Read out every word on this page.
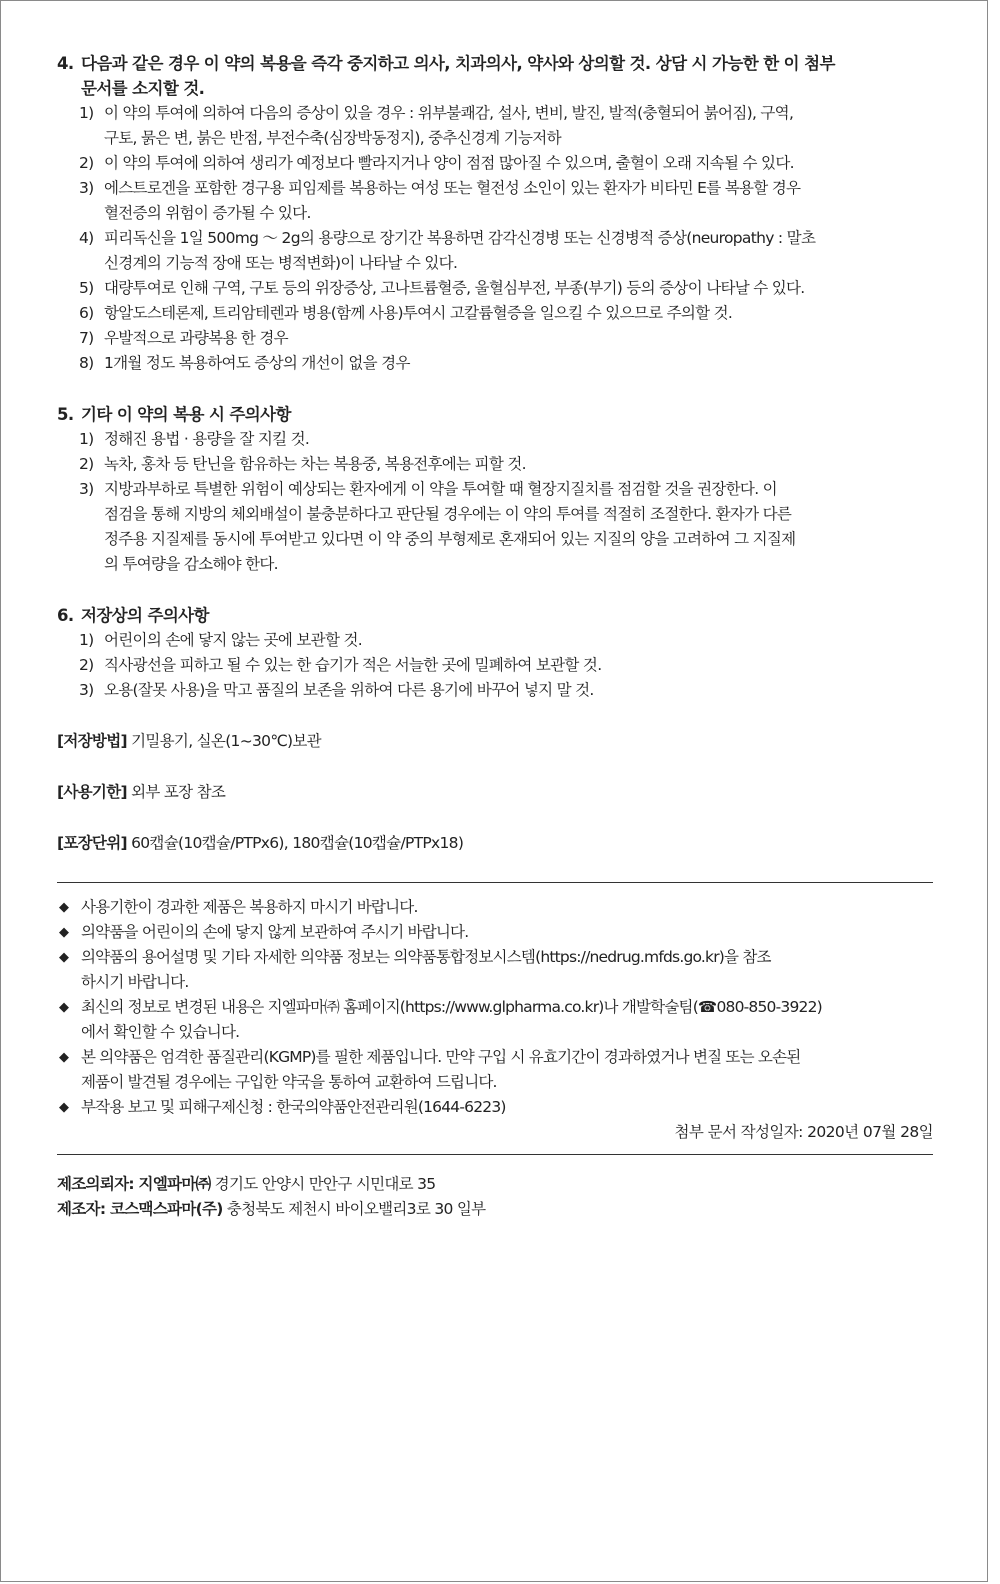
4. 다음과 같은 경우 이 약의 복용을 즉각 중지하고 의사, 치과의사, 약사와 상의할 것. 상담 시 가능한 한 이 첨부
문서를 소지할 것.
1) 이 약의 투여에 의하여 다음의 증상이 있을 경우 : 위부불쾌감, 설사, 변비, 발진, 발적(충혈되어 붉어짐), 구역,
구토, 묽은 변, 붉은 반점, 부전수축(심장박동정지), 중추신경계 기능저하
2) 이 약의 투여에 의하여 생리가 예정보다 빨라지거나 양이 점점 많아질 수 있으며, 출혈이 오래 지속될 수 있다.
3) 에스트로겐을 포함한 경구용 피임제를 복용하는 여성 또는 혈전성 소인이 있는 환자가 비타민 E를 복용할 경우
혈전증의 위험이 증가될 수 있다.
4) 피리독신을 1일 500mg ～ 2g의 용량으로 장기간 복용하면 감각신경병 또는 신경병적 증상(neuropathy : 말초
신경계의 기능적 장애 또는 병적변화)이 나타날 수 있다.
5) 대량투여로 인해 구역, 구토 등의 위장증상, 고나트륨혈증, 울혈심부전, 부종(부기) 등의 증상이 나타날 수 있다.
6) 항알도스테론제, 트리암테렌과 병용(함께 사용)투여시 고칼륨혈증을 일으킬 수 있으므로 주의할 것.
7) 우발적으로 과량복용 한 경우
8) 1개월 정도 복용하여도 증상의 개선이 없을 경우
5. 기타 이 약의 복용 시 주의사항
1) 정해진 용법 · 용량을 잘 지킬 것.
2) 녹차, 홍차 등 탄닌을 함유하는 차는 복용중, 복용전후에는 피할 것.
3) 지방과부하로 특별한 위험이 예상되는 환자에게 이 약을 투여할 때 혈장지질치를 점검할 것을 권장한다. 이
점검을 통해 지방의 체외배설이 불충분하다고 판단될 경우에는 이 약의 투여를 적절히 조절한다. 환자가 다른
정주용 지질제를 동시에 투여받고 있다면 이 약 중의 부형제로 혼재되어 있는 지질의 양을 고려하여 그 지질제
의 투여량을 감소해야 한다.
6. 저장상의 주의사항
1) 어린이의 손에 닿지 않는 곳에 보관할 것.
2) 직사광선을 피하고 될 수 있는 한 습기가 적은 서늘한 곳에 밀폐하여 보관할 것.
3) 오용(잘못 사용)을 막고 품질의 보존을 위하여 다른 용기에 바꾸어 넣지 말 것.
[저장방법] 기밀용기, 실온(1~30℃)보관
[사용기한] 외부 포장 참조
[포장단위] 60캡슐(10캡슐/PTPx6), 180캡슐(10캡슐/PTPx18)
◆ 사용기한이 경과한 제품은 복용하지 마시기 바랍니다.
◆ 의약품을 어린이의 손에 닿지 않게 보관하여 주시기 바랍니다.
◆ 의약품의 용어설명 및 기타 자세한 의약품 정보는 의약품통합정보시스템(https://nedrug.mfds.go.kr)을 참조
하시기 바랍니다.
◆ 최신의 정보로 변경된 내용은 지엘파마㈜ 홈페이지(https://www.glpharma.co.kr)나 개발학술팀(☎080-850-3922)
에서 확인할 수 있습니다.
◆ 본 의약품은 엄격한 품질관리(KGMP)를 필한 제품입니다. 만약 구입 시 유효기간이 경과하였거나 변질 또는 오손된
제품이 발견될 경우에는 구입한 약국을 통하여 교환하여 드립니다.
◆ 부작용 보고 및 피해구제신청 : 한국의약품안전관리원(1644-6223)
첨부 문서 작성일자: 2020년 07월 28일
제조의뢰자: 지엘파마㈜ 경기도 안양시 만안구 시민대로 35
제조자: 코스맥스파마(주) 충청북도 제천시 바이오밸리3로 30 일부
